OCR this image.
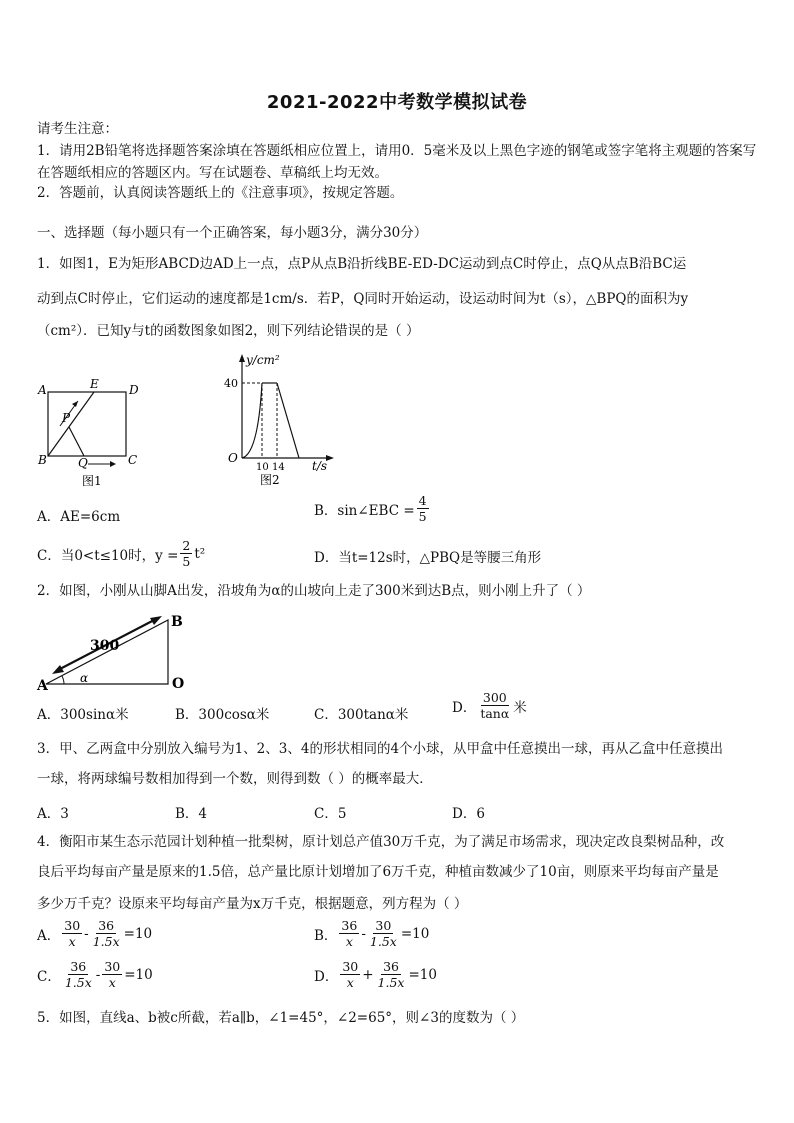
2021-2022中考数学模拟试卷
请考生注意：
1．请用2B铅笔将选择题答案涂填在答题纸相应位置上，请用0．5毫米及以上黑色字迹的钢笔或签字笔将主观题的答案写在答题纸相应的答题区内。写在试题卷、草稿纸上均无效。
2．答题前，认真阅读答题纸上的《注意事项》，按规定答题。
一、选择题（每小题只有一个正确答案，每小题3分，满分30分）
1．如图1，E为矩形ABCD边AD上一点，点P从点B沿折线BE-ED-DC运动到点C时停止，点Q从点B沿BC运
动到点C时停止，它们运动的速度都是1cm/s．若P，Q同时开始运动，设运动时间为t（s），△BPQ的面积为y
（cm²）．已知y与t的函数图象如图2，则下列结论错误的是（ ）
A	E	D
P
B	Q	C
图1
y/cm²
40
O
10 14 t/s
图2
A．AE=6cm	B．sin∠EBC = $\frac{4}{5}$
C．当0<t≤10时，$y = \frac{2}{5} t^2$	D．当t=12s时，△PBQ是等腰三角形
2．如图，小刚从山脚A出发，沿坡角为α的山坡向上走了300米到达B点，则小刚上升了（ ）
A
B
O
300
α
A．300sinα米	B．300cosα米	C．300tanα米	D． $\frac{300}{\tan\alpha}$ 米
3．甲、乙两盒中分别放入编号为1、2、3、4的形状相同的4个小球，从甲盒中任意摸出一球，再从乙盒中任意摸出
一球，将两球编号数相加得到一个数，则得到数（ ）的概率最大．
A．3	B．4	C．5	D．6
4．衡阳市某生态示范园计划种植一批梨树，原计划总产值30万千克，为了满足市场需求，现决定改良梨树品种，改
良后平均每亩产量是原来的1.5倍，总产量比原计划增加了6万千克，种植亩数减少了10亩，则原来平均每亩产量是
多少万千克？设原来平均每亩产量为x万千克，根据题意，列方程为（ ）
A． $\frac{30}{x} - \frac{36}{1.5x} =10$	B． $\frac{36}{x} - \frac{30}{1.5x} =10$
C． $\frac{36}{1.5x} - \frac{30}{x} =10$	D． $\frac{30}{x} + \frac{36}{1.5x} =10$
5．如图，直线a、b被c所截，若a∥b，∠1=45°，∠2=65°，则∠3的度数为（ ）
